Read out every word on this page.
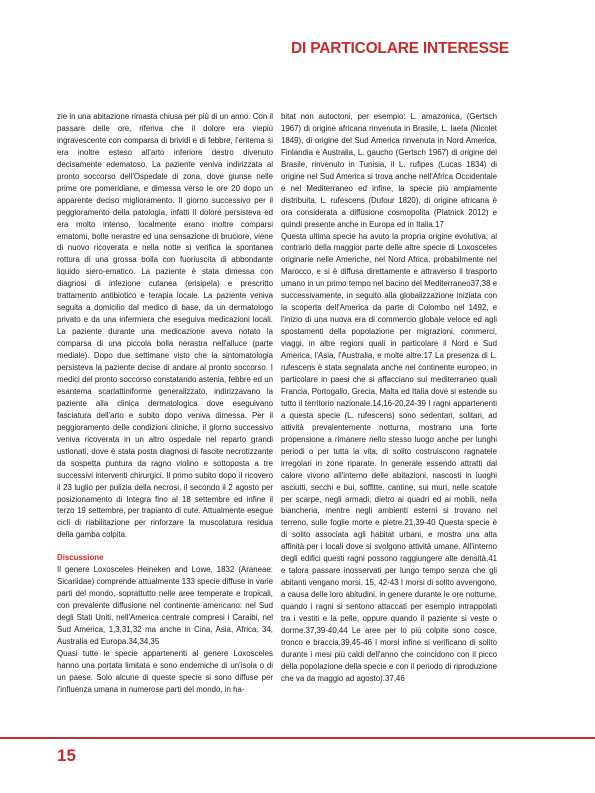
DI PARTICOLARE INTERESSE

zie in una abitazione rimasta chiusa per più di un anno. Con il passare delle ore, riferiva che il dolore era viepiù ingravescente con comparsa di brividi e di febbre, l'eritema si era inoltre esteso all'arto inferiore destro divenuto decisamente edematoso. La paziente veniva indirizzata al pronto soccorso dell'Ospedale di zona, dove giunse nelle prime ore pomeridiane, e dimessa verso le ore 20 dopo un apparente deciso miglioramento. Il giorno successivo per il peggioramento della patologia, infatti il dolore persisteva ed era molto intenso, localmente erano inoltre comparsi ematomi, bolle nerastre ed una sensazione di bruciore, viene di nuovo ricoverata e nella notte si verifica la spontanea rottura di una grossa bolla con fuoriuscita di abbondante liquido siero-ematico. La paziente è stata dimessa con diagnosi di infezione cutanea (erisipela) e prescritto trattamento antibiotico e terapia locale. La paziente veniva seguita a domicilio dal medico di base, da un dermatologo privato e da una infermiera che eseguiva medicazioni locali. La paziente durante una medicazione aveva notato la comparsa di una piccola bolla nerastra nell'alluce (parte mediale). Dopo due settimane visto che la sintomatologia persisteva la paziente decise di andare al pronto soccorso. I medici del pronto soccorso constatando astenia, febbre ed un esantema scarlattiniforme generalizzato, indirizzavano la paziente alla clinica dermatologica dove eseguivano fasciatura dell'arto e subito dopo veniva dimessa. Per il peggioramento delle condizioni cliniche, il giorno successivo veniva ricoverata in un altro ospedale nel reparto grandi ustionati, dove è stata posta diagnosi di fascite necrotizzante da sospetta puntura da ragno violino e sottoposta a tre successivi interventi chirurgici. Il primo subito dopo il ricovero il 23 luglio per pulizia della necrosi, il secondo il 2 agosto per posizionamento di Integra fino al 18 settembre ed infine il terzo 19 settembre, per trapianto di cute. Attualmente esegue cicli di riabilitazione per rinforzare la muscolatura residua della gamba colpita.

Discussione

Il genere Loxosceles Heineken and Lowe, 1832 (Araneae: Sicariidae) comprende attualmente 133 specie diffuse in varie parti del mondo, soprattutto nelle aree temperate e tropicali, con prevalente diffusione nel continente americano: nel Sud degli Stati Uniti, nell'America centrale compresi i Caraibi, nel Sud America, 1,3,31,32 ma anche in Cina, Asia, Africa, 34, Australia ed Europa.34,34,35

Quasi tutte le specie appartenenti al genere Loxosceles hanno una portata limitata e sono endemiche di un'isola o di un paese. Solo alcune di queste specie si sono diffuse per l'influenza umana in numerose parti del mondo, in ha-

bitat non autoctoni, per esempio: L. amazonica, (Gertsch 1967) di origine africana rinvenuta in Brasile, L. laeta (Nicolet 1849), di origine del Sud America rinvenuta in Nord America, Finlandia e Australia, L. gaucho (Gertsch 1967) di origine del Brasile, rinvenuto in Tunisia, il L. rufipes (Lucas 1834) di origine nel Sud America si trova anche nell'Africa Occidentale e nel Mediterraneo ed infine, la specie più ampiamente distribuita, L. rufescens (Dufour 1820), di origine africana è ora considerata a diffusione cosmopolita (Platnick 2012) e quindi presente anche in Europa ed in Italia.17

Questa ultima specie ha avuto la propria origine evolutiva, al contrario della maggior parte delle altre specie di Loxosceles originarie nelle Americhe, nel Nord Africa, probabilmente nel Marocco, e si è diffusa direttamente e attraverso il trasporto umano in un primo tempo nel bacino del Mediterraneo37,38 e successivamente, in seguito alla globalizzazione iniziata con la scoperta dell'America da parte di Colombo nel 1492, e l'inizio di una nuova era di commercio globale veloce ed agli spostamenti della popolazione per migrazioni, commerci, viaggi, in altre regioni quali in particolare il Nord e Sud America, l'Asia, l'Australia, e molte altre.17 La presenza di L. rufescens è stata segnalata anche nel continente europeo, in particolare in paesi che si affacciano sul mediterraneo quali Francia, Portogallo, Grecia, Malta ed Italia dove si estende su tutto il territorio nazionale.14,16-20,24-39 I ragni appartenenti a questa specie (L. rufescens) sono sedentari, solitari, ad attività prevalentemente notturna, mostrano una forte propensione a rimanere nello stesso luogo anche per lunghi periodi o per tutta la vita, di solito costruiscono ragnatele irregolari in zone riparate. In generale essendo attratti dal calore vivono all'interno delle abitazioni, nascosti in luoghi asciutti, secchi e bui, soffitte, cantine, sui muri, nelle scatole per scarpe, negli armadi, dietro ai quadri ed ai mobili, nella biancheria, mentre negli ambienti esterni si trovano nel terreno, sulle foglie morte e pietre.21,39-40 Questa specie è di solito associata agli habitat urbani, e mostra una alta affinità per i locali dove si svolgono attività umane. All'interno degli edifici questi ragni possono raggiungere alte densità,41 e talora passare inosservati per lungo tempo senza che gli abitanti vengano morsi. 15, 42-43 I morsi di solito avvengono, a causa delle loro abitudini, in genere durante le ore notturne, quando i ragni si sentono attaccati per esempio intrappolati tra i vestiti e la pelle, oppure quando il paziente si veste o dorme.37,39-40,44 Le aree per lo più colpite sono cosce, tronco e braccia.39,45-46 I morsi infine si verificano di solito durante i mesi più caldi dell'anno che coincidono con il picco della popolazione della specie e con il periodo di riproduzione che va da maggio ad agosto).37,46

15
